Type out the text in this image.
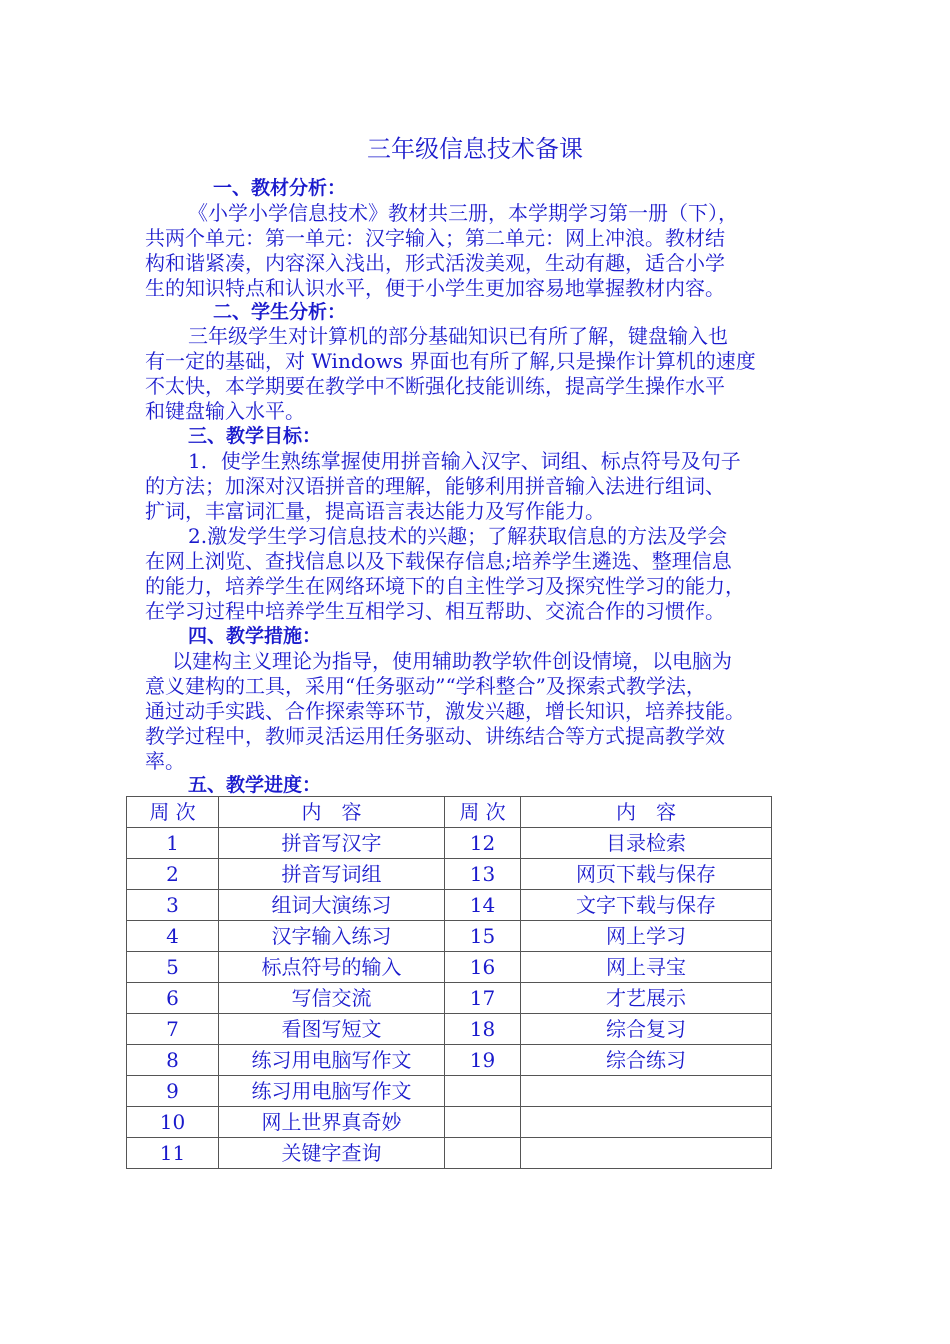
三年级信息技术备课
一、教材分析：
《小学小学信息技术》教材共三册，本学期学习第一册（下），
共两个单元：第一单元：汉字输入；第二单元：网上冲浪。教材结
构和谐紧凑，内容深入浅出，形式活泼美观，生动有趣，适合小学
生的知识特点和认识水平，便于小学生更加容易地掌握教材内容。
二、学生分析：
三年级学生对计算机的部分基础知识已有所了解，键盘输入也
有一定的基础，对 Windows 界面也有所了解,只是操作计算机的速度
不太快，本学期要在教学中不断强化技能训练，提高学生操作水平
和键盘输入水平。
三、教学目标：
1．使学生熟练掌握使用拼音输入汉字、词组、标点符号及句子
的方法；加深对汉语拼音的理解，能够利用拼音输入法进行组词、
扩词，丰富词汇量，提高语言表达能力及写作能力。
2.激发学生学习信息技术的兴趣；了解获取信息的方法及学会
在网上浏览、查找信息以及下载保存信息;培养学生遴选、整理信息
的能力，培养学生在网络环境下的自主性学习及探究性学习的能力，
在学习过程中培养学生互相学习、相互帮助、交流合作的习惯作。
四、教学措施：
以建构主义理论为指导，使用辅助教学软件创设情境，以电脑为
意义建构的工具，采用“任务驱动”“学科整合”及探索式教学法，
通过动手实践、合作探索等环节，激发兴趣，增长知识，培养技能。
教学过程中，教师灵活运用任务驱动、讲练结合等方式提高教学效
率。
五、教学进度：
周 次	内　容	周 次	内　容
1	拼音写汉字	12	目录检索
2	拼音写词组	13	网页下载与保存
3	组词大演练习	14	文字下载与保存
4	汉字输入练习	15	网上学习
5	标点符号的输入	16	网上寻宝
6	写信交流	17	才艺展示
7	看图写短文	18	综合复习
8	练习用电脑写作文	19	综合练习
9	练习用电脑写作文		
10	网上世界真奇妙		
11	关键字查询		
